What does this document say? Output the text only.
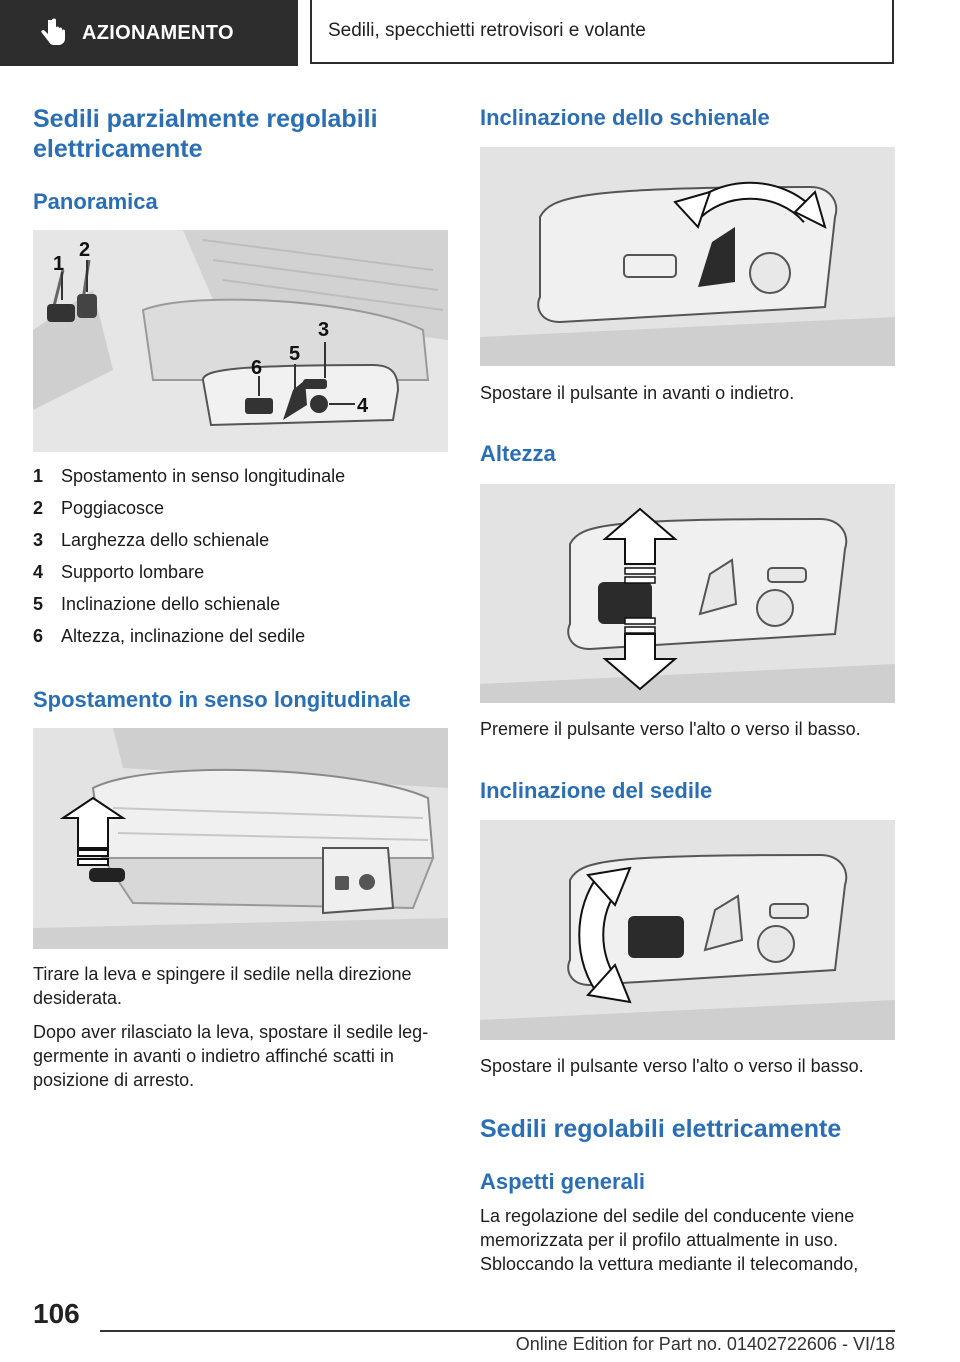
AZIONAMENTO	Sedili, specchietti retrovisori e volante
Sedili parzialmente regolabili elettricamente
Panoramica
1
2
3
4
5
6
1 Spostamento in senso longitudinale
2 Poggiacosce
3 Larghezza dello schienale
4 Supporto lombare
5 Inclinazione dello schienale
6 Altezza, inclinazione del sedile
Spostamento in senso longitudinale

Tirare la leva e spingere il sedile nella direzione desiderata.

Dopo aver rilasciato la leva, spostare il sedile leggermente in avanti o indietro affinché scatti in posizione di arresto.

Inclinazione dello schienale

Spostare il pulsante in avanti o indietro.

Altezza

Premere il pulsante verso l'alto o verso il basso.

Inclinazione del sedile

Spostare il pulsante verso l'alto o verso il basso.

Sedili regolabili elettricamente
Aspetti generali

La regolazione del sedile del conducente viene memorizzata per il profilo attualmente in uso. Sbloccando la vettura mediante il telecomando,

106
Online Edition for Part no. 01402722606 - VI/18
